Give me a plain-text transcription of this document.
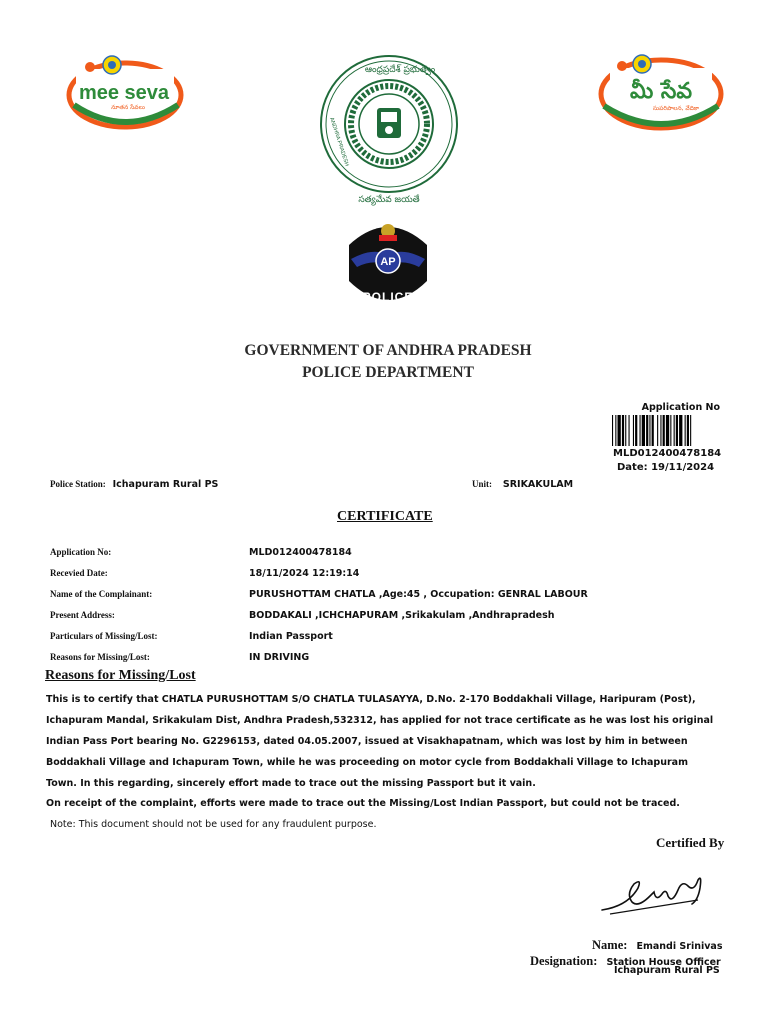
mee seva
నూతన సేవలు
ఆంధ్రప్రదేశ్ ప్రభుత్వం
ANDHRA PRADESH
సత్యమేవ జయతే
మీ సేవ
సుపరిపాలన, వేదికా
AP
POLICE
GOVERNMENT OF ANDHRA PRADESH
POLICE DEPARTMENT
Application No
MLD012400478184
Date: 19/11/2024
Police Station: Ichapuram Rural PS	Unit: SRIKAKULAM
CERTIFICATE
Application No:	MLD012400478184
Recevied Date:	18/11/2024 12:19:14
Name of the Complainant:	PURUSHOTTAM CHATLA ,Age:45 , Occupation: GENRAL LABOUR
Present Address:	BODDAKALI ,ICHCHAPURAM ,Srikakulam ,Andhrapradesh
Particulars of Missing/Lost:	Indian Passport
Reasons for Missing/Lost:	IN DRIVING
Reasons for Missing/Lost
This is to certify that CHATLA PURUSHOTTAM S/O CHATLA TULASAYYA, D.No. 2-170 Boddakhali Village, Haripuram (Post),
Ichapuram Mandal, Srikakulam Dist, Andhra Pradesh,532312, has applied for not trace certificate as he was lost his original
Indian Pass Port bearing No. G2296153, dated 04.05.2007, issued at Visakhapatnam, which was lost by him in between
Boddakhali Village and Ichapuram Town, while he was proceeding on motor cycle from Boddakhali Village to Ichapuram
Town. In this regarding, sincerely effort made to trace out the missing Passport but it vain.
On receipt of the complaint, efforts were made to trace out the Missing/Lost Indian Passport, but could not be traced.
Note: This document should not be used for any fraudulent purpose.
Certified By
Name: Emandi Srinivas
Designation: Station House Officer
Ichapuram Rural PS
